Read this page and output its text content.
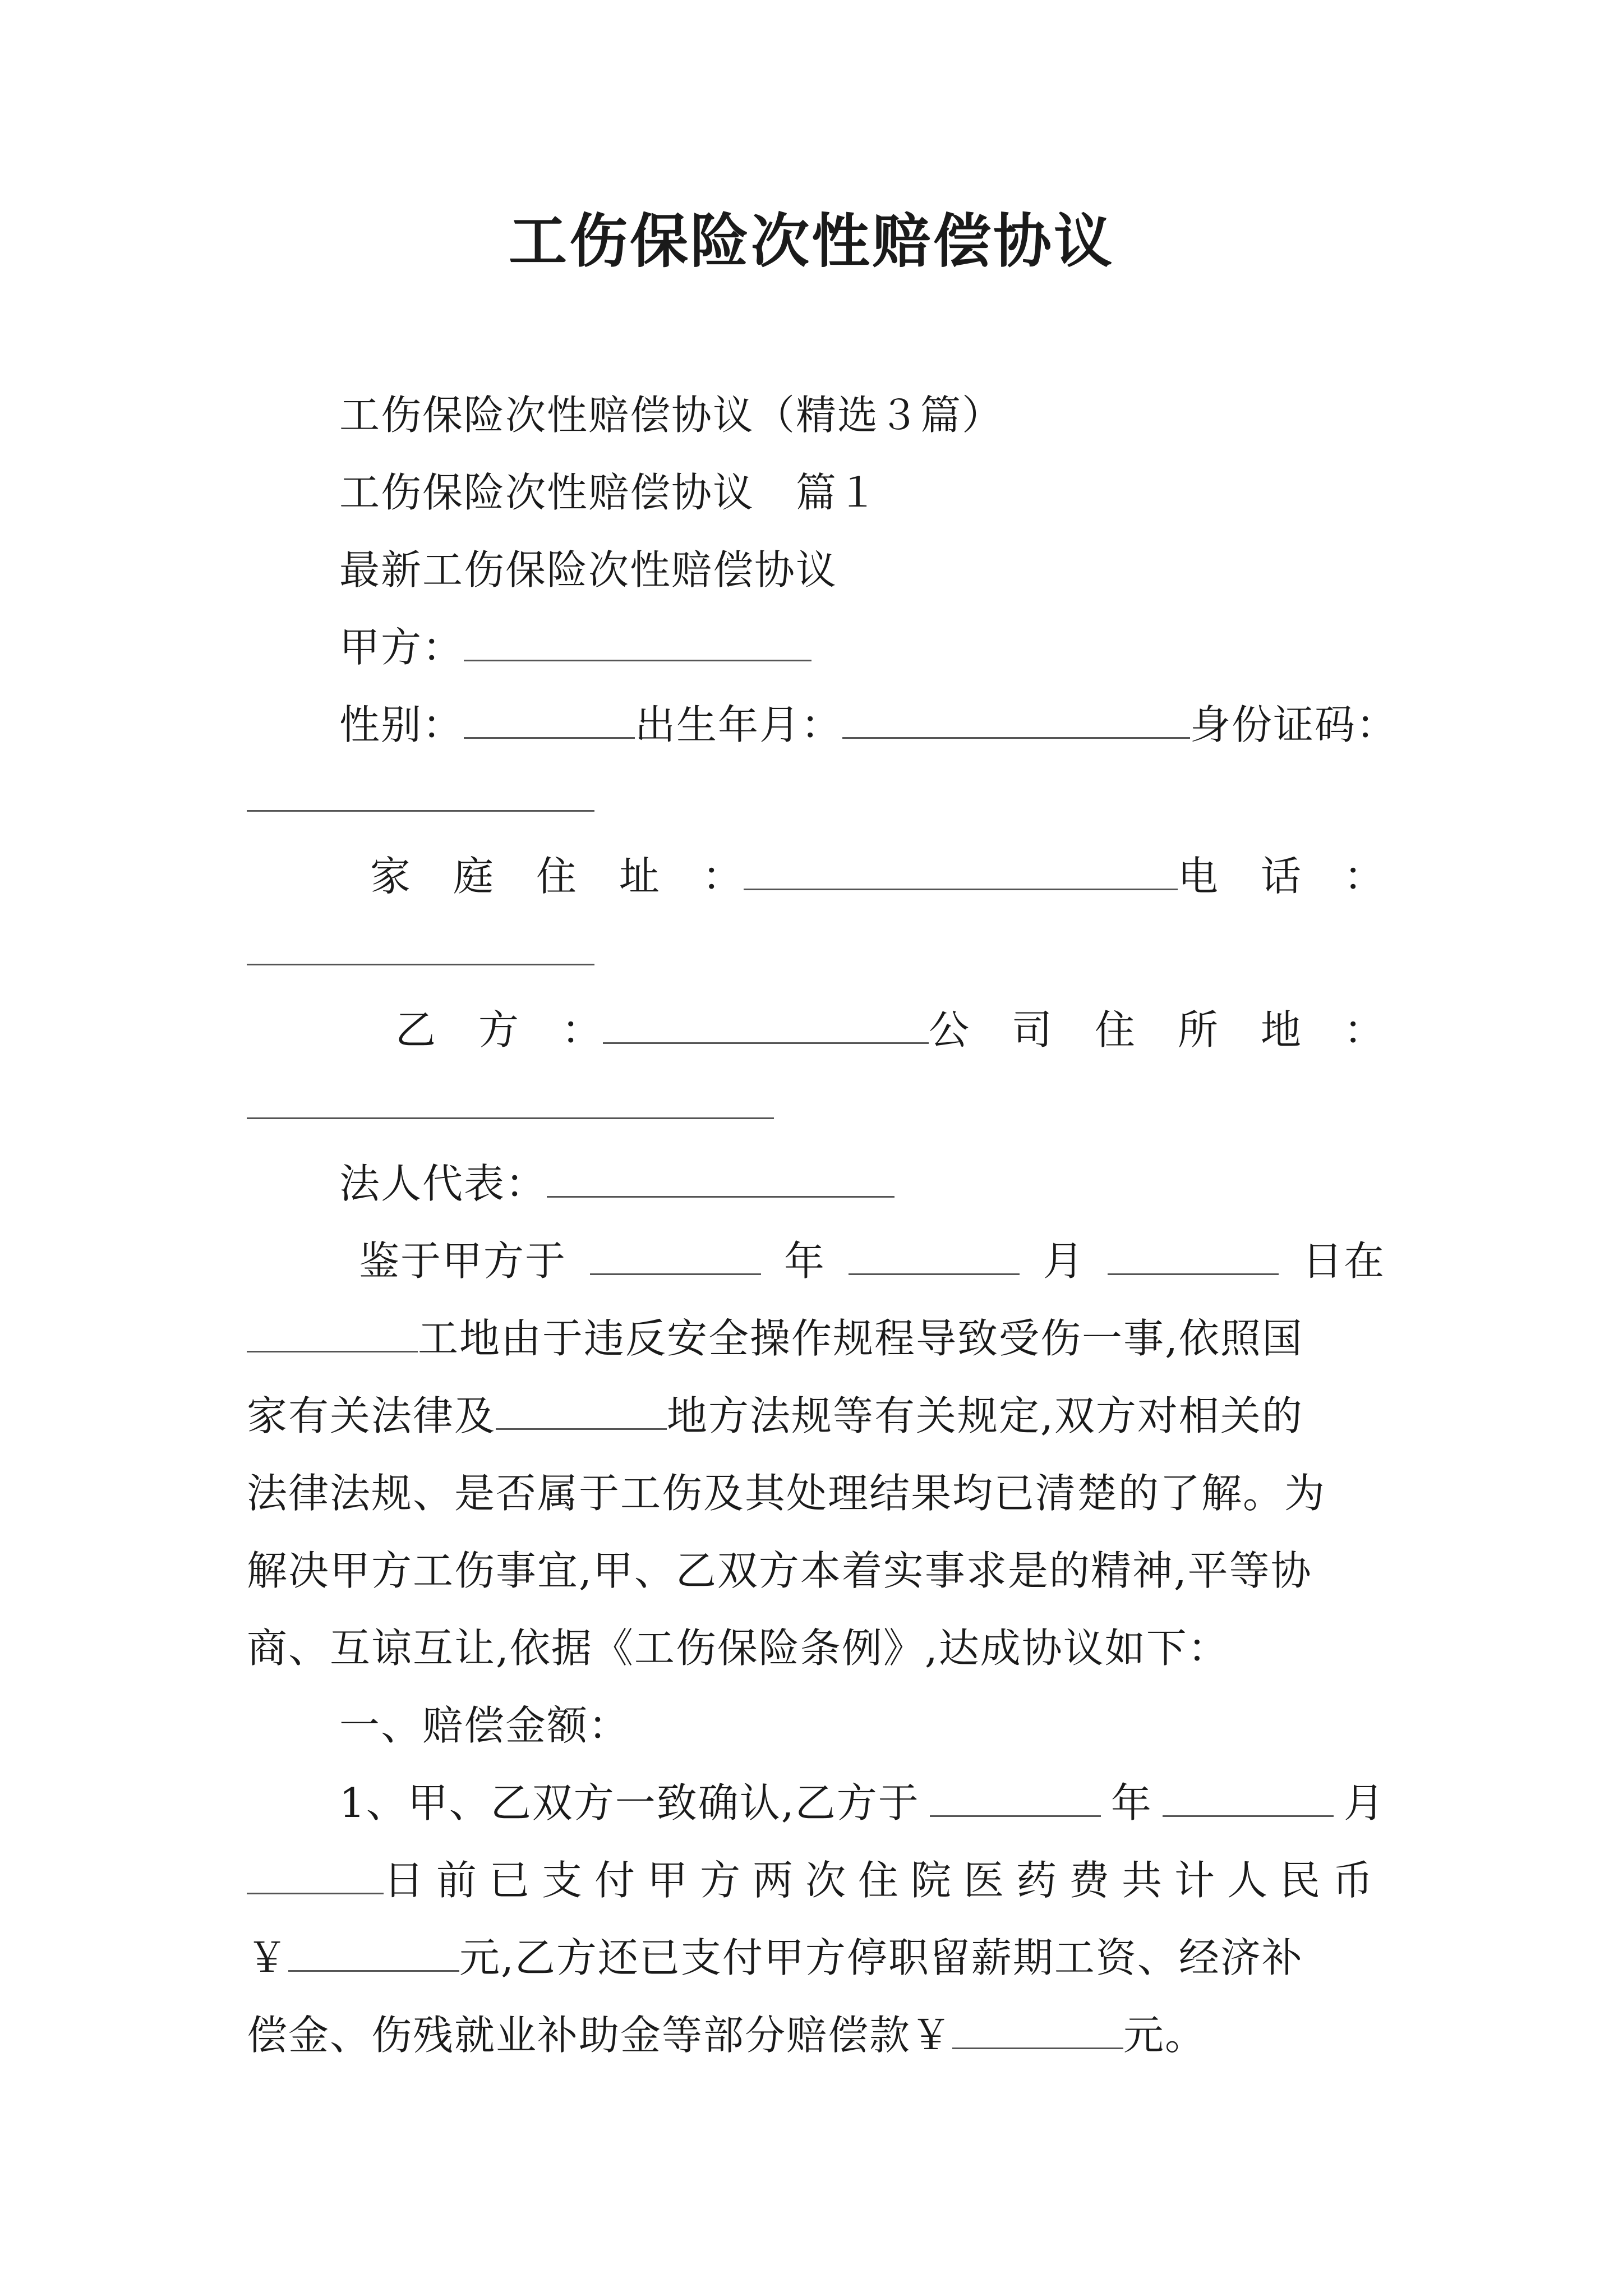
工伤保险次性赔偿协议
工伤保险次性赔偿协议（精选３篇）
工伤保险次性赔偿协议　篇１
最新工伤保险次性赔偿协议
甲方：
性别：	出生年月：	身份证码：
家　庭　住　址　：	电　话　：
乙　方　：	公　司　住　所　地　：
法人代表：
鉴于甲方于	年	月	日在
工地由于违反安全操作规程导致受伤一事,依照国
家有关法律及	地方法规等有关规定,双方对相关的
法律法规、是否属于工伤及其处理结果均已清楚的了解。为
解决甲方工伤事宜,甲、乙双方本着实事求是的精神,平等协
商、互谅互让,依据《工伤保险条例》,达成协议如下：
一、赔偿金额：
1、甲、乙双方一致确认,乙方于	年	月
日前已支付甲方两次住院医药费共计人民币
￥	元,乙方还已支付甲方停职留薪期工资、经济补
偿金、伤残就业补助金等部分赔偿款￥	元。
